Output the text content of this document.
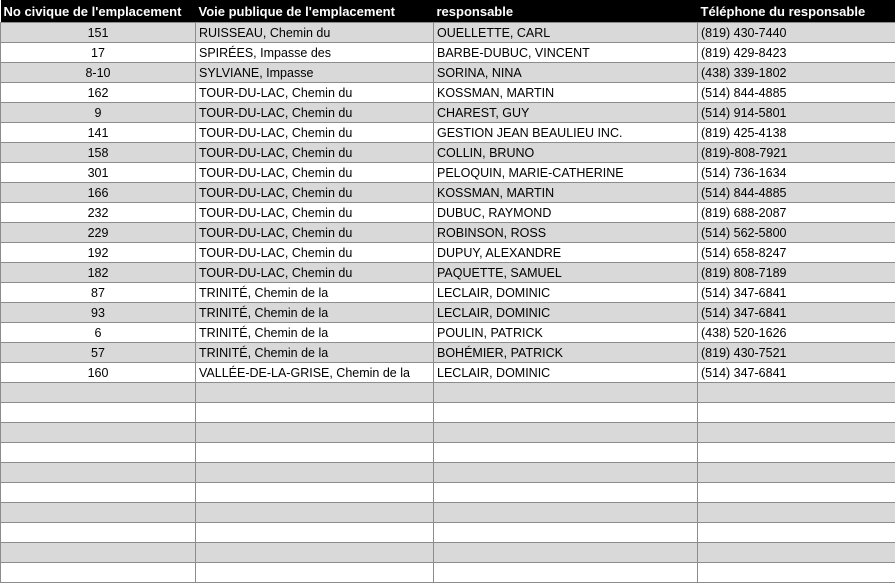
No civique de l'emplacement	Voie publique de l'emplacement	responsable	Téléphone du responsable
151	RUISSEAU, Chemin du	OUELLETTE, CARL	(819) 430-7440
17	SPIRÉES, Impasse des	BARBE-DUBUC, VINCENT	(819) 429-8423
8-10	SYLVIANE, Impasse	SORINA, NINA	(438) 339-1802
162	TOUR-DU-LAC, Chemin du	KOSSMAN, MARTIN	(514) 844-4885
9	TOUR-DU-LAC, Chemin du	CHAREST, GUY	(514) 914-5801
141	TOUR-DU-LAC, Chemin du	GESTION JEAN BEAULIEU INC.	(819) 425-4138
158	TOUR-DU-LAC, Chemin du	COLLIN, BRUNO	(819)-808-7921
301	TOUR-DU-LAC, Chemin du	PELOQUIN, MARIE-CATHERINE	(514) 736-1634
166	TOUR-DU-LAC, Chemin du	KOSSMAN, MARTIN	(514) 844-4885
232	TOUR-DU-LAC, Chemin du	DUBUC, RAYMOND	(819) 688-2087
229	TOUR-DU-LAC, Chemin du	ROBINSON, ROSS	(514) 562-5800
192	TOUR-DU-LAC, Chemin du	DUPUY, ALEXANDRE	(514) 658-8247
182	TOUR-DU-LAC, Chemin du	PAQUETTE, SAMUEL	(819) 808-7189
87	TRINITÉ, Chemin de la	LECLAIR, DOMINIC	(514) 347-6841
93	TRINITÉ, Chemin de la	LECLAIR, DOMINIC	(514) 347-6841
6	TRINITÉ, Chemin de la	POULIN, PATRICK	(438) 520-1626
57	TRINITÉ, Chemin de la	BOHÉMIER, PATRICK	(819) 430-7521
160	VALLÉE-DE-LA-GRISE, Chemin de la	LECLAIR, DOMINIC	(514) 347-6841
